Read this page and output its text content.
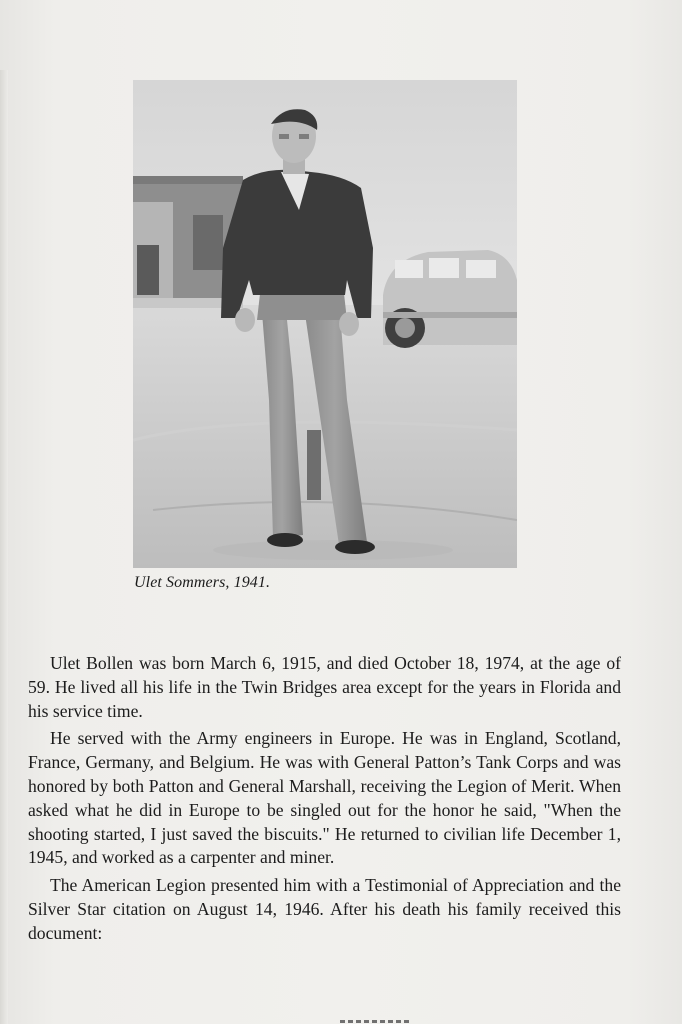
Ulet Sommers, 1941.

Ulet Bollen was born March 6, 1915, and died October 18, 1974, at the age of 59. He lived all his life in the Twin Bridges area except for the years in Florida and his service time.

He served with the Army engineers in Europe. He was in England, Scotland, France, Germany, and Belgium. He was with General Patton’s Tank Corps and was honored by both Patton and General Marshall, receiving the Legion of Merit. When asked what he did in Europe to be singled out for the honor he said, "When the shooting started, I just saved the biscuits." He returned to civilian life December 1, 1945, and worked as a carpenter and miner.

The American Legion presented him with a Testimonial of Appreciation and the Silver Star citation on August 14, 1946. After his death his family received this document:
